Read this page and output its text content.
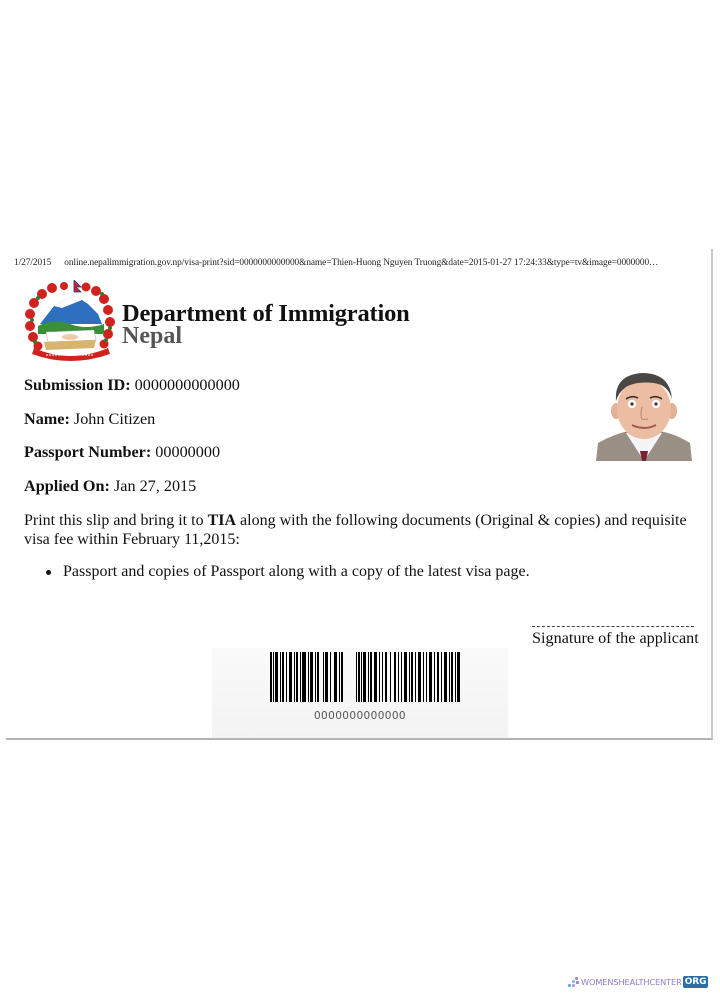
1/27/2015 online.nepalimmigration.gov.np/visa-print?sid=0000000000000&name=Thien-Huong Nguyen Truong&date=2015-01-27 17:24:33&type=tv&image=0000000…
Department of Immigration
Nepal
Submission ID: 0000000000000
Name: John Citizen
Passport Number: 00000000
Applied On: Jan 27, 2015
Print this slip and bring it to TIA along with the following documents (Original & copies) and requisite visa fee within February 11,2015:
Passport and copies of Passport along with a copy of the latest visa page.
Signature of the applicant
0000000000000
WOMENSHEALTHCENTER ORG
